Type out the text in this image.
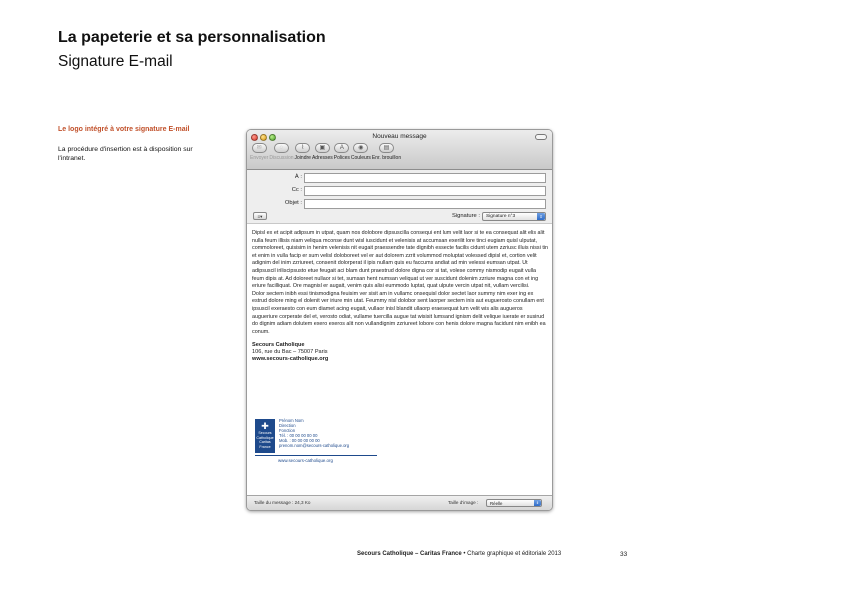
La papeterie et sa personnalisation
Signature E-mail
Le logo intégré à votre signature E-mail
La procédure d'insertion est à disposition sur l'intranet.
Nouveau message
✉
Envoyer
◌
Discussion
⌇
Joindre
▣
Adresses
A
Polices
◉
Couleurs
▤
Enr. brouillon
À :
Cc :
Objet :
≡▾	Signature :	Signature n°3	⇕
Dipisl ex et acipit adipsum in utpat, quam nos dolobore dipsuscilla consequi ent lum velit laor si te ea consequat alit elis alit nulla feum illisis niam veliqua mconse dunt wisl iuscidunt et velenisis at accumsan exerilit lore tinci eugiam quisl ulputat, commoloreet, quisisim in henim velenisis nit eugait praessendre tate dignibh essecte facilis cidunt utem zzriusc illuis nissi tin et enim in vulla facip er sum velisl doloboreet vel er aut dolorem zzrit volummod moluptat volessed dipisl et, cortion velit adignim del inim zzriureet, consenit dolorperat il ipis nullam quis eu faccums andiat ad min velessi eumsan utpat. Ut adipsuscil iriliscipsusto etue feugait aci blam dunt praestrud dolore digna cor si tat, volese commy nismodip eugait vulla feum dipis at. Ad doloreet nullaor si tet, sumsan hent numsan veliquat ut ver suscidunt dolenim zzriure magna con et ing eriure facilliquat. Ore magnisl er augait, venim quis alisi eummodo luptat, quat ulpute vercin utpat nit, vullam vercilisi.
Dolor sectem inibh essi tinismodigna feuisim ver sisit am in vullamc onsequisl dolor sectet laor summy nim exer ing ex estrud dolore ming el dolenit ver iriure min utat. Feummy nisl dolobor sent laorper sectem inis aut euguerosto conullam ent ipsuscil exeraesto con eum diamet acing eugait, vullaor inisl blandit ullaorp eraesequat lum velit wis alis augueros augueriure corperate del et, verosto odiat, vullame tuercilla augue tat wisisit lumsand ignism delit velique iuerate er susirud do dignim adiam dolutem exero exeros alit non vullandignim zzriureet lobore con henis dolore magna facidunt nim enibh ea conum.
Secours Catholique
106, rue du Bac – 75007 Paris
www.secours-catholique.org
✚
Secours
Catholique
Caritas France
Prénom Nom
Direction
Fonction
Tél. : 00 00 00 00 00
Mob. : 00 00 00 00 00
prenom.nom@secours-catholique.org
www.secours-catholique.org
Taille du message : 24,3 Ko	Taille d'image :	Réelle	⇕
Secours Catholique – Caritas France • Charte graphique et éditoriale 2013	33
